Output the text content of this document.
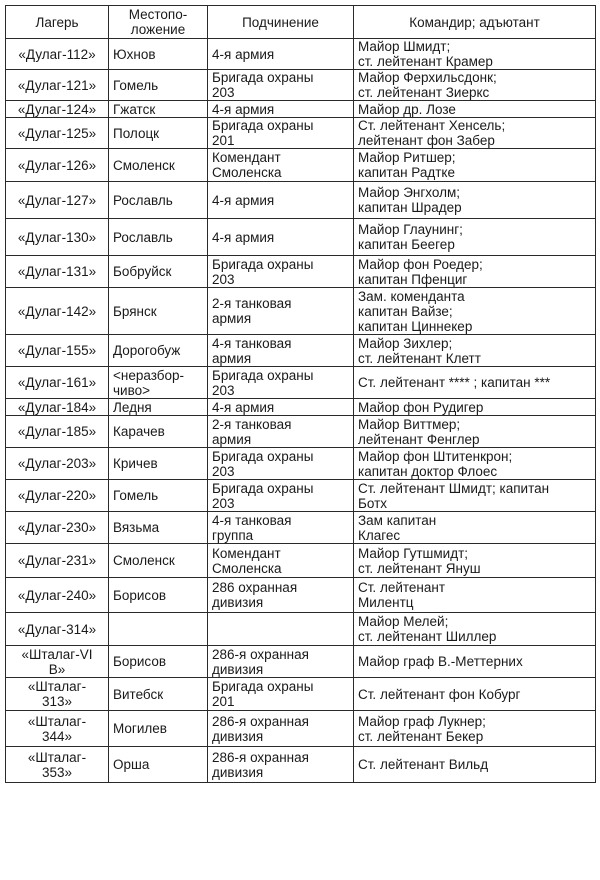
Лагерь	Местопо-
ложение	Подчинение	Командир; адъютант
«Дулаг-112»	Юхнов	4-я армия	Майор Шмидт;
ст. лейтенант Крамер
«Дулаг-121»	Гомель	Бригада охраны
203	Майор Ферхильсдонк;
ст. лейтенант Зиеркс
«Дулаг-124»	Гжатск	4-я армия	Майор др. Лозе
«Дулаг-125»	Полоцк	Бригада охраны
201	Ст. лейтенант Хенсель;
лейтенант фон Забер
«Дулаг-126»	Смоленск	Комендант
Смоленска	Майор Ритшер;
капитан Радтке
«Дулаг-127»	Рославль	4-я армия	Майор Энгхолм;
капитан Шрадер
«Дулаг-130»	Рославль	4-я армия	Майор Глаунинг;
капитан Беегер
«Дулаг-131»	Бобруйск	Бригада охраны
203	Майор фон Роедер;
капитан Пфенциг
«Дулаг-142»	Брянск	2-я танковая
армия	Зам. коменданта
капитан Вайзе;
капитан Циннекер
«Дулаг-155»	Дорогобуж	4-я танковая
армия	Майор Зихлер;
ст. лейтенант Клетт
«Дулаг-161»	<неразбор-
чиво>	Бригада охраны
203	Ст. лейтенант **** ; капитан ***
«Дулаг-184»	Ледня	4-я армия	Майор фон Рудигер
«Дулаг-185»	Карачев	2-я танковая
армия	Майор Виттмер;
лейтенант Фенглер
«Дулаг-203»	Кричев	Бригада охраны
203	Майор фон Штитенкрон;
капитан доктор Флоес
«Дулаг-220»	Гомель	Бригада охраны
203	Ст. лейтенант Шмидт; капитан
Ботх
«Дулаг-230»	Вязьма	4-я танковая
группа	Зам капитан
Клагес
«Дулаг-231»	Смоленск	Комендант
Смоленска	Майор Гутшмидт;
ст. лейтенант Януш
«Дулаг-240»	Борисов	286 охранная
дивизия	Ст. лейтенант
Милентц
«Дулаг-314»			Майор Мелей;
ст. лейтенант Шиллер
«Шталаг-VI
B»	Борисов	286-я охранная
дивизия	Майор граф В.-Меттерних
«Шталаг-
313»	Витебск	Бригада охраны
201	Ст. лейтенант фон Кобург
«Шталаг-
344»	Могилев	286-я охранная
дивизия	Майор граф Лукнер;
ст. лейтенант Бекер
«Шталаг-
353»	Орша	286-я охранная
дивизия	Ст. лейтенант Вильд
